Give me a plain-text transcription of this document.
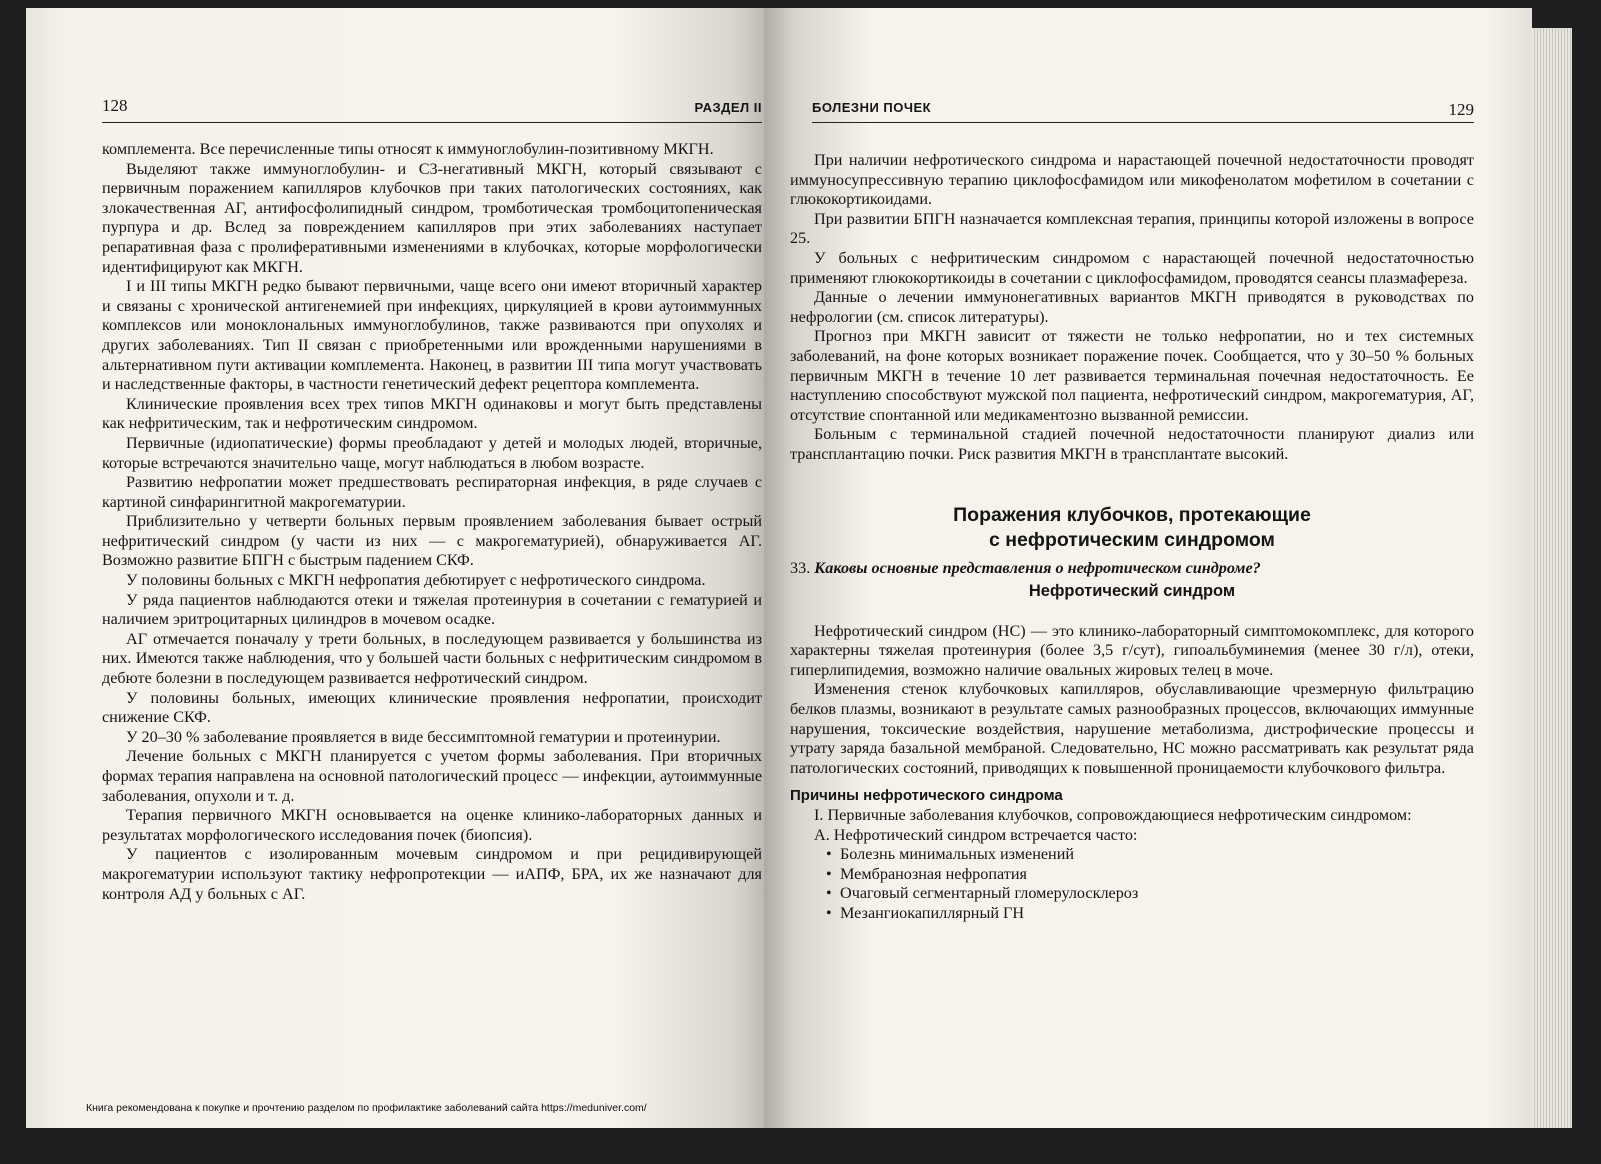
128	РАЗДЕЛ II

комплемента. Все перечисленные типы относят к иммуноглобулин-позитивному МКГН.

Выделяют также иммуноглобулин- и С3-негативный МКГН, который связывают с первичным поражением капилляров клубочков при таких патологических состояниях, как злокачественная АГ, антифосфолипидный синдром, тромботическая тромбоцитопеническая пурпура и др. Вслед за повреждением капилляров при этих заболеваниях наступает репаративная фаза с пролиферативными изменениями в клубочках, которые морфологически идентифицируют как МКГН.

I и III типы МКГН редко бывают первичными, чаще всего они имеют вторичный характер и связаны с хронической антигенемией при инфекциях, циркуляцией в крови аутоиммунных комплексов или моноклональных иммуноглобулинов, также развиваются при опухолях и других заболеваниях. Тип II связан с приобретенными или врожденными нарушениями в альтернативном пути активации комплемента. Наконец, в развитии III типа могут участвовать и наследственные факторы, в частности генетический дефект рецептора комплемента.

Клинические проявления всех трех типов МКГН одинаковы и могут быть представлены как нефритическим, так и нефротическим синдромом.

Первичные (идиопатические) формы преобладают у детей и молодых людей, вторичные, которые встречаются значительно чаще, могут наблюдаться в любом возрасте.

Развитию нефропатии может предшествовать респираторная инфекция, в ряде случаев с картиной синфарингитной макрогематурии.

Приблизительно у четверти больных первым проявлением заболевания бывает острый нефритический синдром (у части из них — с макрогематурией), обнаруживается АГ. Возможно развитие БПГН с быстрым падением СКФ.

У половины больных с МКГН нефропатия дебютирует с нефротического синдрома.

У ряда пациентов наблюдаются отеки и тяжелая протеинурия в сочетании с гематурией и наличием эритроцитарных цилиндров в мочевом осадке.

АГ отмечается поначалу у трети больных, в последующем развивается у большинства из них. Имеются также наблюдения, что у большей части больных с нефритическим синдромом в дебюте болезни в последующем развивается нефротический синдром.

У половины больных, имеющих клинические проявления нефропатии, происходит снижение СКФ.

У 20–30 % заболевание проявляется в виде бессимптомной гематурии и протеинурии.

Лечение больных с МКГН планируется с учетом формы заболевания. При вторичных формах терапия направлена на основной патологический процесс — инфекции, аутоиммунные заболевания, опухоли и т. д.

Терапия первичного МКГН основывается на оценке клинико-лабораторных данных и результатах морфологического исследования почек (биопсия).

У пациентов с изолированным мочевым синдромом и при рецидивирующей макрогематурии используют тактику нефропротекции — иАПФ, БРА, их же назначают для контроля АД у больных с АГ.

БОЛЕЗНИ ПОЧЕК	129

При наличии нефротического синдрома и нарастающей почечной недостаточности проводят иммуносупрессивную терапию циклофосфамидом или микофенолатом мофетилом в сочетании с глюкокортикоидами.

При развитии БПГН назначается комплексная терапия, принципы которой изложены в вопросе 25.

У больных с нефритическим синдромом с нарастающей почечной недостаточностью применяют глюкокортикоиды в сочетании с циклофосфамидом, проводятся сеансы плазмафереза.

Данные о лечении иммунонегативных вариантов МКГН приводятся в руководствах по нефрологии (см. список литературы).

Прогноз при МКГН зависит от тяжести не только нефропатии, но и тех системных заболеваний, на фоне которых возникает поражение почек. Сообщается, что у 30–50 % больных первичным МКГН в течение 10 лет развивается терминальная почечная недостаточность. Ее наступлению способствуют мужской пол пациента, нефротический синдром, макрогематурия, АГ, отсутствие спонтанной или медикаментозно вызванной ремиссии.

Больным с терминальной стадией почечной недостаточности планируют диализ или трансплантацию почки. Риск развития МКГН в трансплантате высокий.

Поражения клубочков, протекающие
с нефротическим синдромом

33. Каковы основные представления о нефротическом синдроме?

Нефротический синдром

Нефротический синдром (НС) — это клинико-лабораторный симптомокомплекс, для которого характерны тяжелая протеинурия (более 3,5 г/сут), гипоальбуминемия (менее 30 г/л), отеки, гиперлипидемия, возможно наличие овальных жировых телец в моче.

Изменения стенок клубочковых капилляров, обуславливающие чрезмерную фильтрацию белков плазмы, возникают в результате самых разнообразных процессов, включающих иммунные нарушения, токсические воздействия, нарушение метаболизма, дистрофические процессы и утрату заряда базальной мембраной. Следовательно, НС можно рассматривать как результат ряда патологических состояний, приводящих к повышенной проницаемости клубочкового фильтра.

Причины нефротического синдрома

I. Первичные заболевания клубочков, сопровождающиеся нефротическим синдромом:

А. Нефротический синдром встречается часто:

• Болезнь минимальных изменений
• Мембранозная нефропатия
• Очаговый сегментарный гломерулосклероз
• Мезангиокапиллярный ГН
Книга рекомендована к покупке и прочтению разделом по профилактике заболеваний сайта https://meduniver.com/
